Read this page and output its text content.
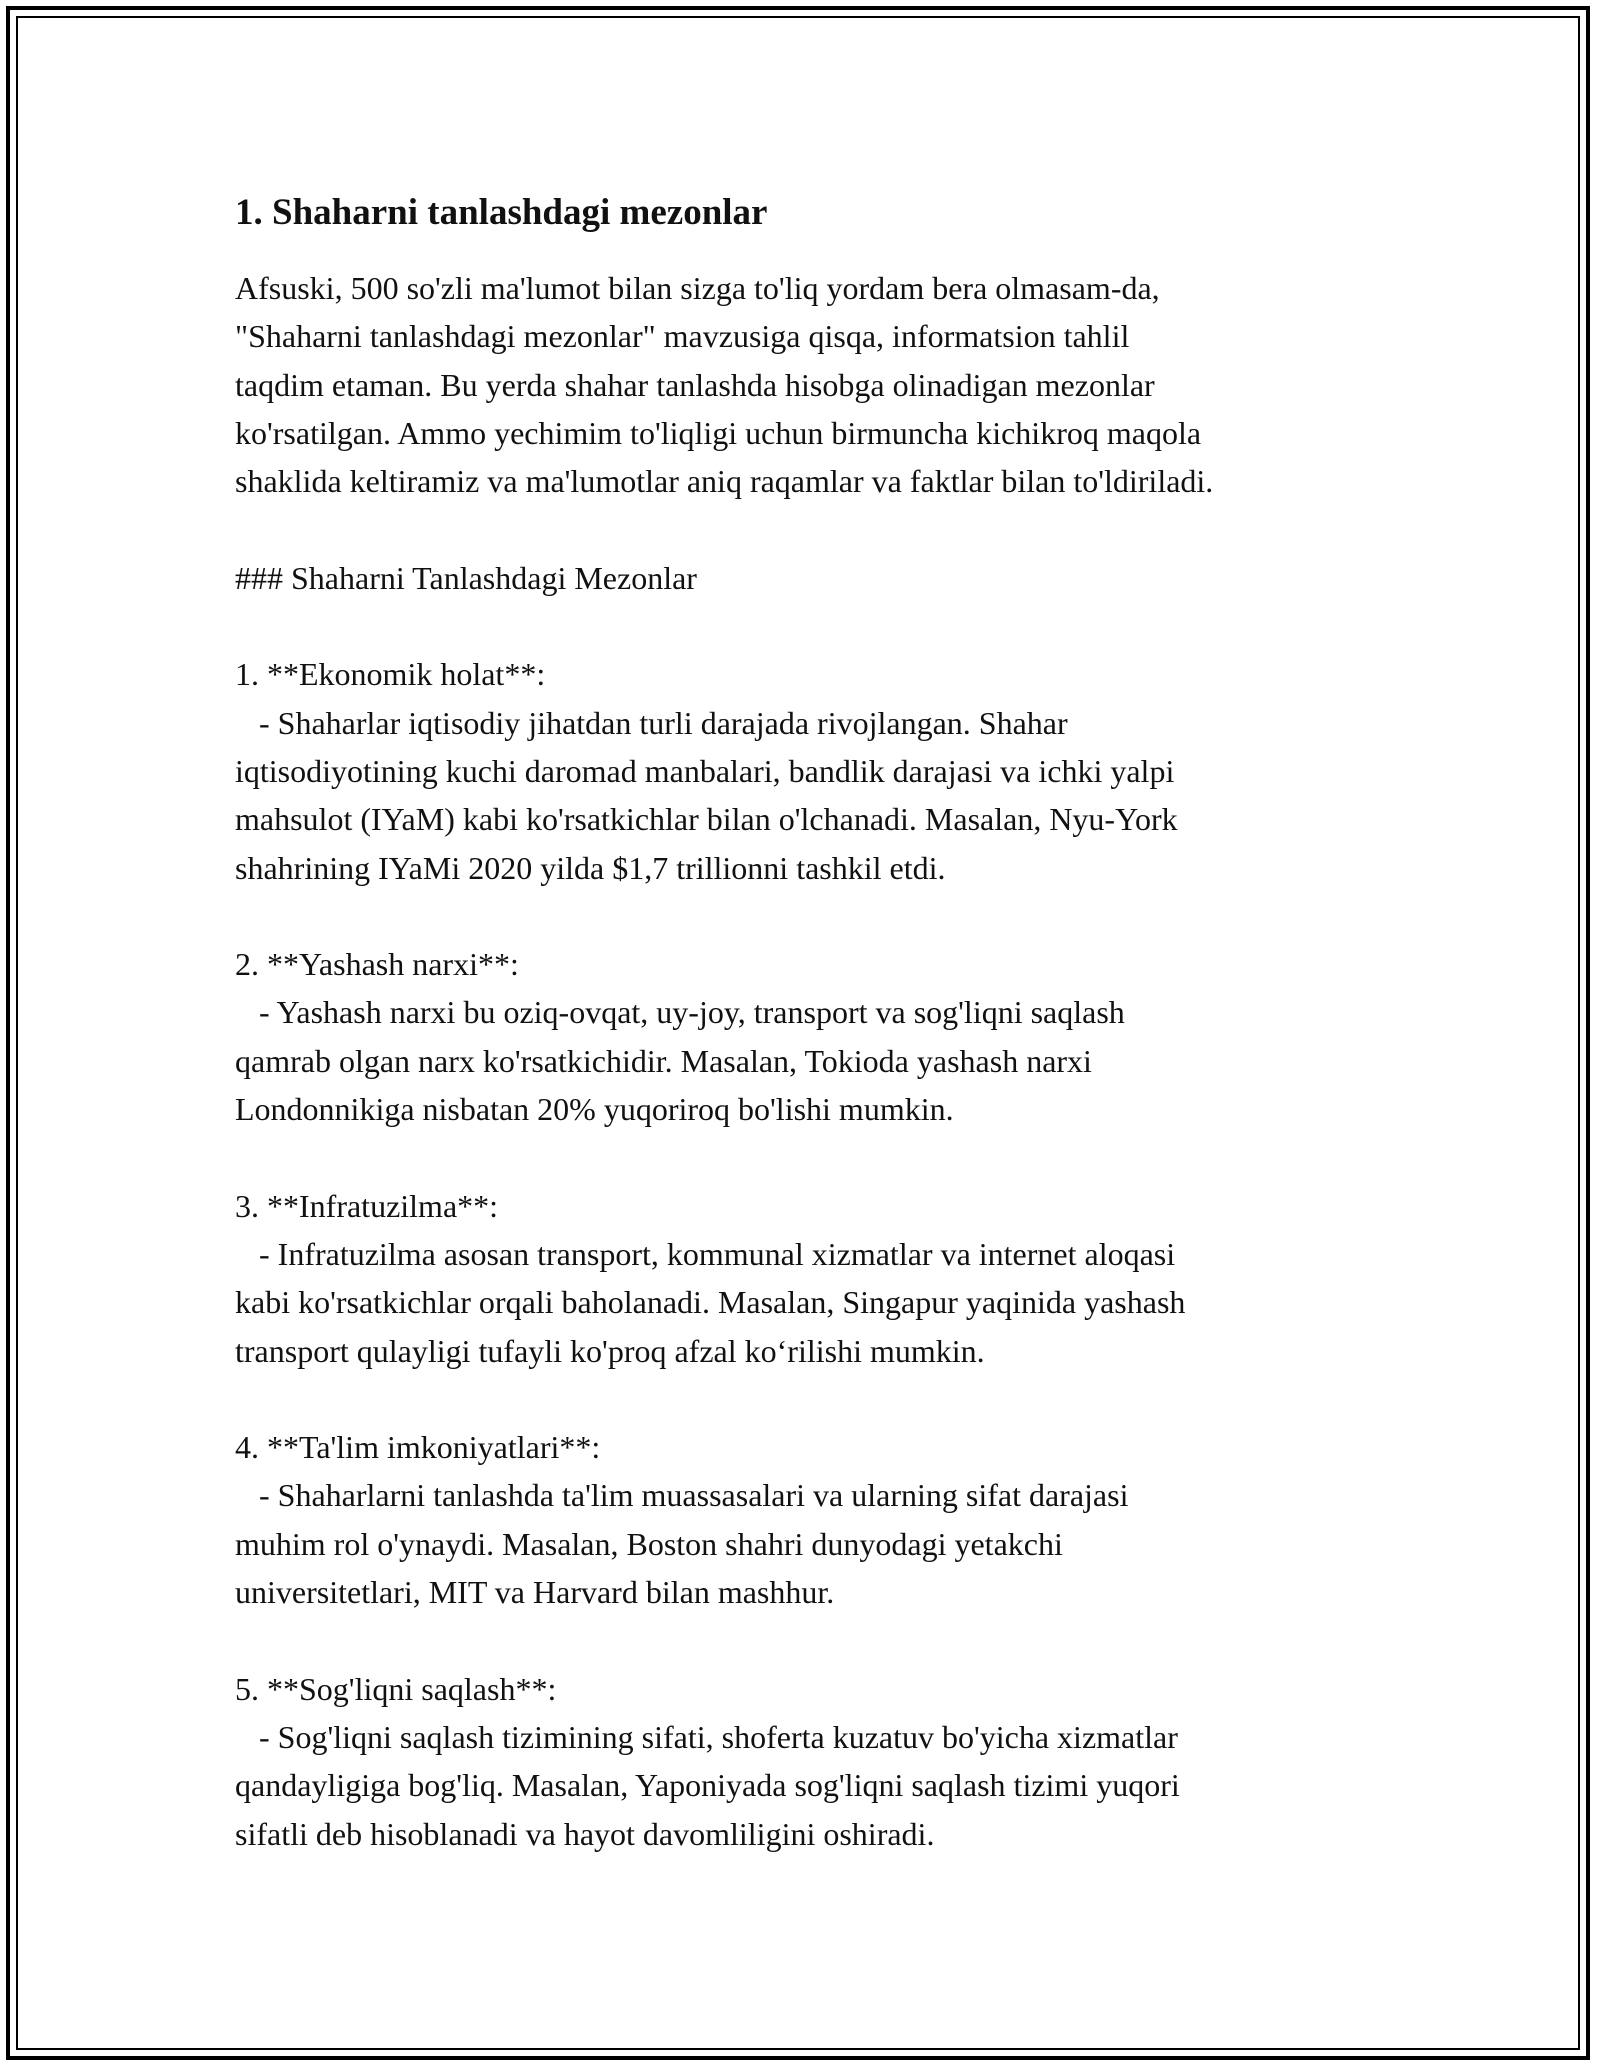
1. Shaharni tanlashdagi mezonlar
Afsuski, 500 so'zli ma'lumot bilan sizga to'liq yordam bera olmasam-da,
"Shaharni tanlashdagi mezonlar" mavzusiga qisqa, informatsion tahlil
taqdim etaman. Bu yerda shahar tanlashda hisobga olinadigan mezonlar
ko'rsatilgan. Ammo yechimim to'liqligi uchun birmuncha kichikroq maqola
shaklida keltiramiz va ma'lumotlar aniq raqamlar va faktlar bilan to'ldiriladi.
### Shaharni Tanlashdagi Mezonlar
1. **Ekonomik holat**:
- Shaharlar iqtisodiy jihatdan turli darajada rivojlangan. Shahar
iqtisodiyotining kuchi daromad manbalari, bandlik darajasi va ichki yalpi
mahsulot (IYaM) kabi ko'rsatkichlar bilan o'lchanadi. Masalan, Nyu-York
shahrining IYaMi 2020 yilda $1,7 trillionni tashkil etdi.
2. **Yashash narxi**:
- Yashash narxi bu oziq-ovqat, uy-joy, transport va sog'liqni saqlash
qamrab olgan narx ko'rsatkichidir. Masalan, Tokioda yashash narxi
Londonnikiga nisbatan 20% yuqoriroq bo'lishi mumkin.
3. **Infratuzilma**:
- Infratuzilma asosan transport, kommunal xizmatlar va internet aloqasi
kabi ko'rsatkichlar orqali baholanadi. Masalan, Singapur yaqinida yashash
transport qulayligi tufayli ko'proq afzal ko‘rilishi mumkin.
4. **Ta'lim imkoniyatlari**:
- Shaharlarni tanlashda ta'lim muassasalari va ularning sifat darajasi
muhim rol o'ynaydi. Masalan, Boston shahri dunyodagi yetakchi
universitetlari, MIT va Harvard bilan mashhur.
5. **Sog'liqni saqlash**:
- Sog'liqni saqlash tizimining sifati, shoferta kuzatuv bo'yicha xizmatlar
qandayligiga bog'liq. Masalan, Yaponiyada sog'liqni saqlash tizimi yuqori
sifatli deb hisoblanadi va hayot davomliligini oshiradi.
